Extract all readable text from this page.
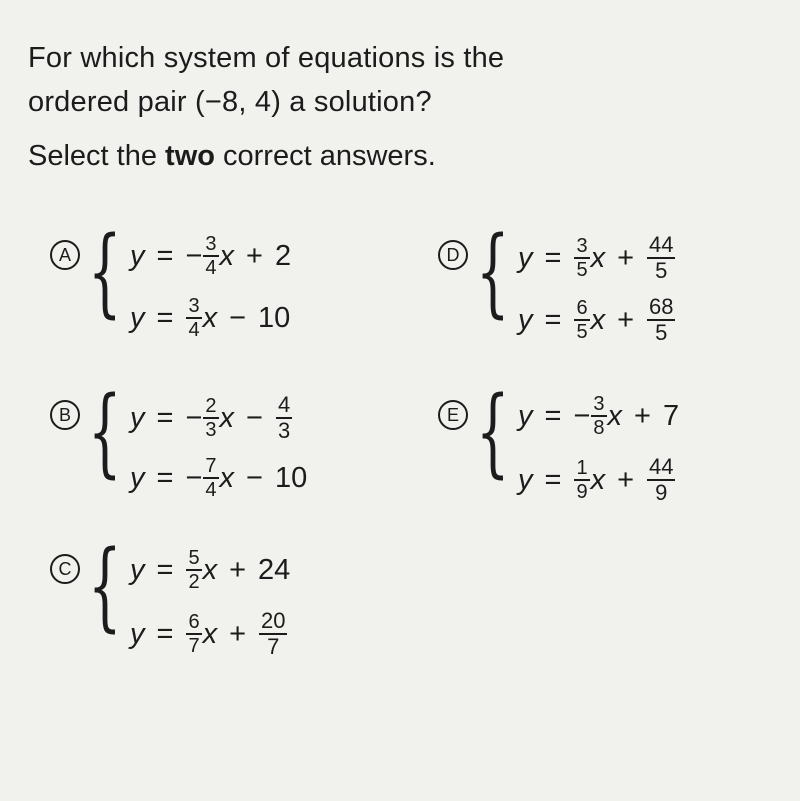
For which system of equations is the
ordered pair (−8, 4) a solution?
Select the two correct answers.
A { y = − $\frac{3}{4}$ x + 2
$y = \frac{3}{4}$ x − 10
B { y = − $\frac{2}{3}$ $x - \frac{4}{3}$
y = − $\frac{7}{4}$ x − 10
C { $y = \frac{5}{2}$ x + 24
$y = \frac{6}{7}$ $x + \frac{20}{7}$
D { $y = \frac{3}{5}$ $x + \frac{44}{5}$
$y = \frac{6}{5}$ $x + \frac{68}{5}$
E { y = − $\frac{3}{8}$ x + 7
$y = \frac{1}{9}$ $x + \frac{44}{9}$
